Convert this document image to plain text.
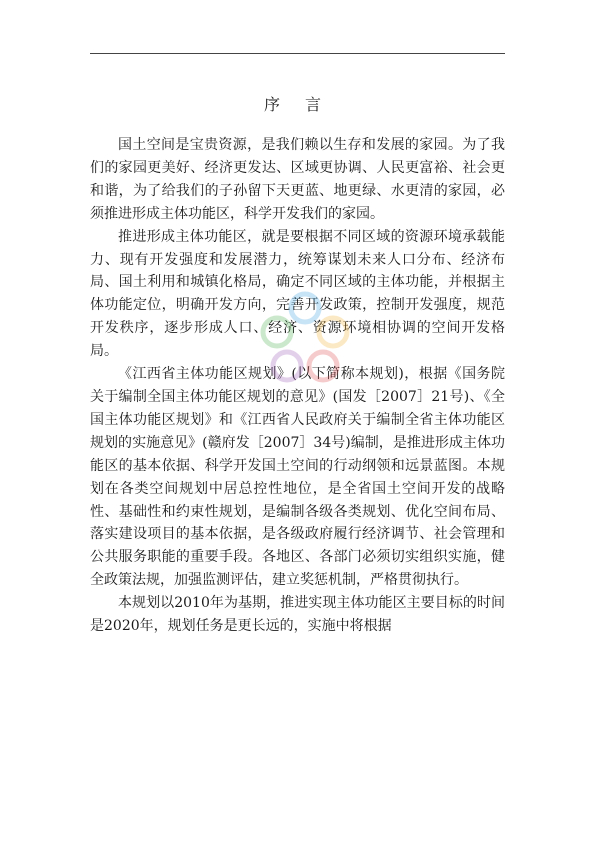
序 言

国土空间是宝贵资源，是我们赖以生存和发展的家园。为了我们的家园更美好、经济更发达、区域更协调、人民更富裕、社会更和谐，为了给我们的子孙留下天更蓝、地更绿、水更清的家园，必须推进形成主体功能区，科学开发我们的家园。

推进形成主体功能区，就是要根据不同区域的资源环境承载能力、现有开发强度和发展潜力，统筹谋划未来人口分布、经济布局、国土利用和城镇化格局，确定不同区域的主体功能，并根据主体功能定位，明确开发方向，完善开发政策，控制开发强度，规范开发秩序，逐步形成人口、经济、资源环境相协调的空间开发格局。

《江西省主体功能区规划》(以下简称本规划)，根据《国务院关于编制全国主体功能区规划的意见》(国发［2007］21号)、《全国主体功能区规划》和《江西省人民政府关于编制全省主体功能区规划的实施意见》(赣府发［2007］34号)编制，是推进形成主体功能区的基本依据、科学开发国土空间的行动纲领和远景蓝图。本规划在各类空间规划中居总控性地位，是全省国土空间开发的战略性、基础性和约束性规划，是编制各级各类规划、优化空间布局、落实建设项目的基本依据，是各级政府履行经济调节、社会管理和公共服务职能的重要手段。各地区、各部门必须切实组织实施，健全政策法规，加强监测评估，建立奖惩机制，严格贯彻执行。

本规划以2010年为基期，推进实现主体功能区主要目标的时间是2020年，规划任务是更长远的，实施中将根据
